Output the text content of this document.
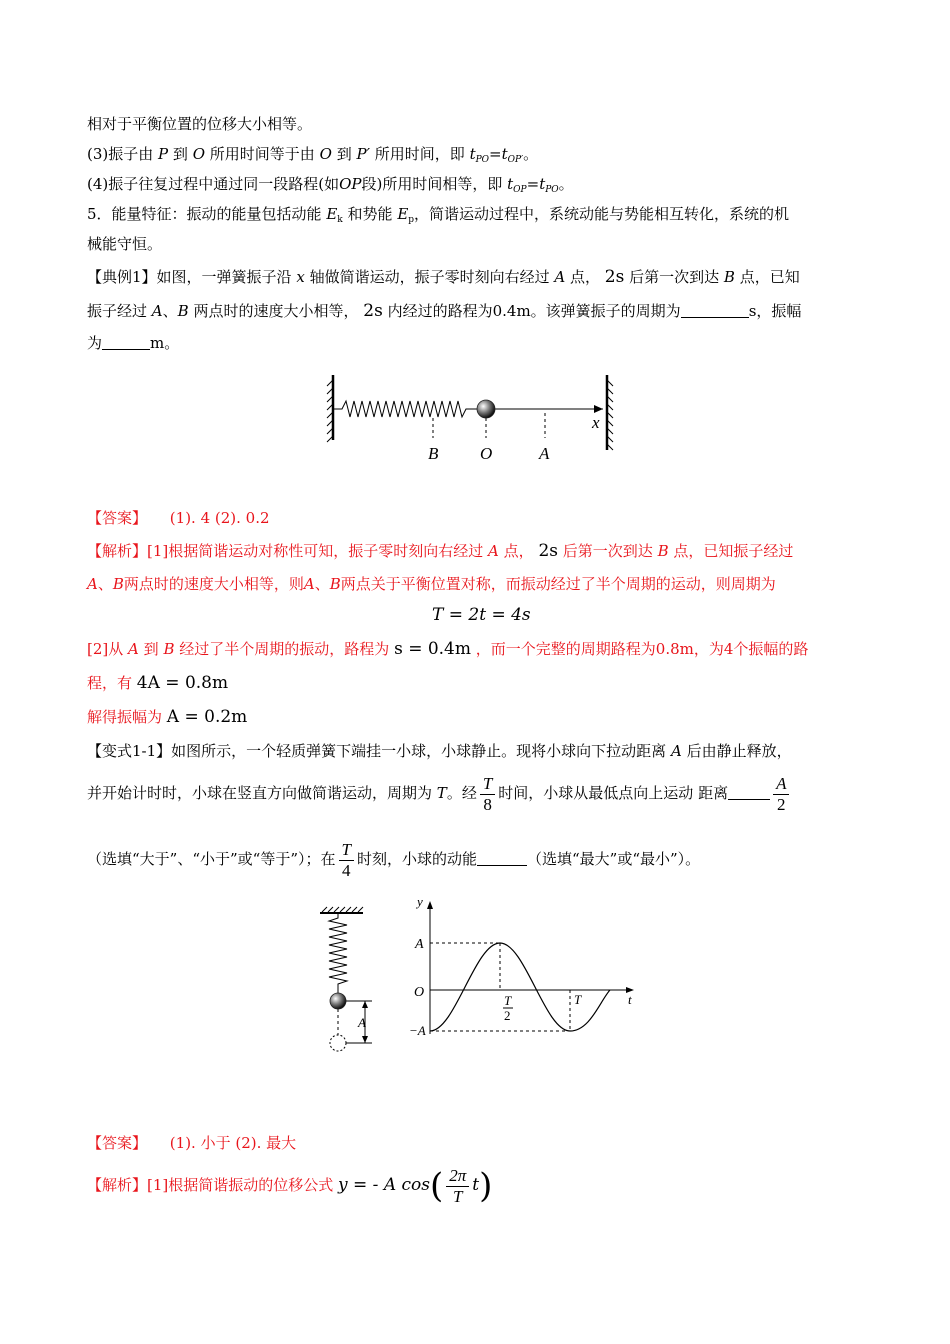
相对于平衡位置的位移大小相等。
(3)振子由 P 到 O 所用时间等于由 O 到 P′ 所用时间，即 $t_{PO}=t_{OP'}$。
(4)振子往复过程中通过同一段路程(如OP段)所用时间相等，即 $t_{OP}=t_{PO}$。
5．能量特征：振动的能量包括动能 $E_k$ 和势能 $E_p$，简谐运动过程中，系统动能与势能相互转化，系统的机
械能守恒。
【典例1】如图，一弹簧振子沿 x 轴做简谐运动，振子零时刻向右经过 A 点， 2s 后第一次到达 B 点，已知
振子经过 A、B 两点时的速度大小相等， 2s 内经过的路程为0.4m。该弹簧振子的周期为	s，振幅
为	m。
B O	A
x
【答案】 (1). 4 (2). 0.2
【解析】[1]根据简谐运动对称性可知，振子零时刻向右经过 A 点， 2s 后第一次到达 B 点，已知振子经过
A、B两点时的速度大小相等，则A、B两点关于平衡位置对称，而振动经过了半个周期的运动，则周期为
T = 2t = 4s
[2]从 A 到 B 经过了半个周期的振动，路程为 s = 0.4m ，而一个完整的周期路程为0.8m，为4个振幅的路
程，有 4A = 0.8m
解得振幅为 A = 0.2m
【变式1-1】如图所示，一个轻质弹簧下端挂一小球，小球静止。现将小球向下拉动距离 A 后由静止释放，
并开始计时时，小球在竖直方向做简谐运动，周期为 T。经 $\frac{T}{8}$ 时间，小球从最低点向上运动 距离	$\frac{A}{2}$
（选填“大于”、“小于”或“等于”）；在 $\frac{T}{4}$ 时刻，小球的动能	（选填“最大”或“最小”）。
A
y
A
O
−A
T
2
T	t
【答案】 (1). 小于 (2). 最大
【解析】[1]根据简谐振动的位移公式 y = - A $\cos( \frac{2\pi}{T} t)$
